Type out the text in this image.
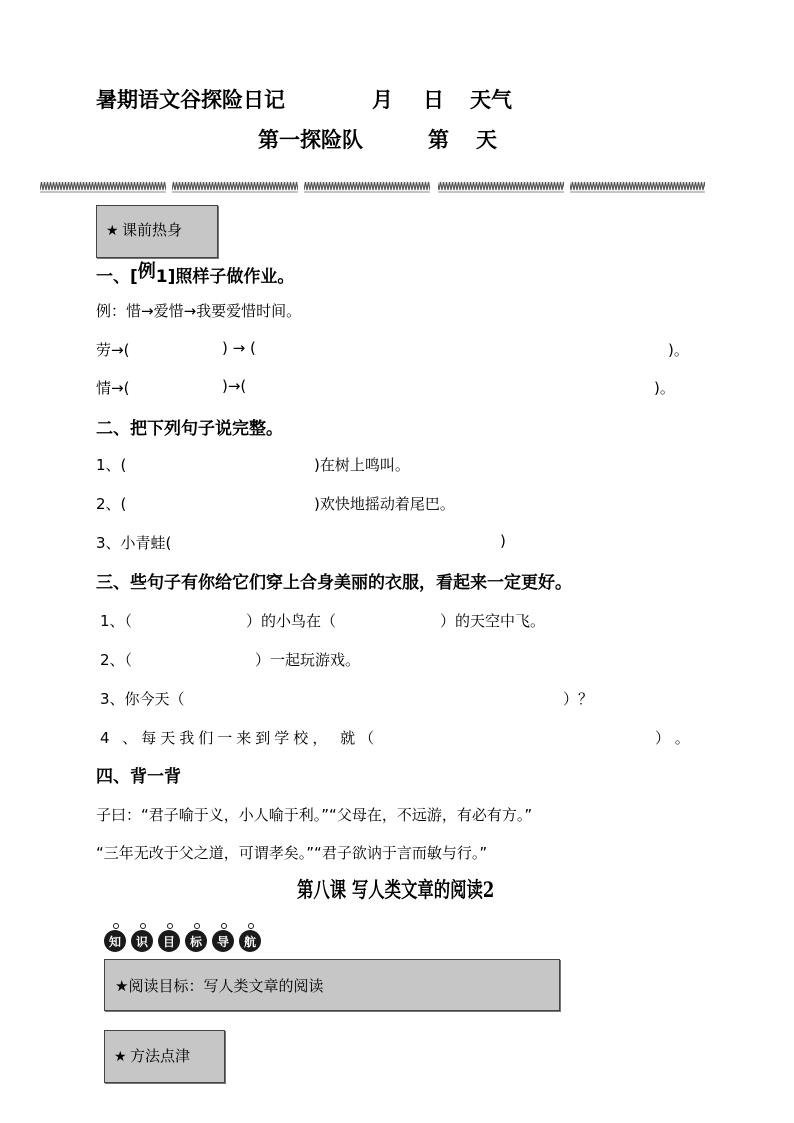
暑期语文谷探险日记	月 日 天气
第一探险队	第 天
★ 课前热身
一、[例1]照样子做作业。
例：惜→爱惜→我要爱惜时间。
劳→(	) → (	)。
情→(	)→(	)。
二、把下列句子说完整。
1、(	)在树上鸣叫。
2、(	)欢快地摇动着尾巴。
3、小青蛙(	)
三、些句子有你给它们穿上合身美丽的衣服，看起来一定更好。
1、（	）的小鸟在（	）的天空中飞。
2、（	）一起玩游戏。
3、你今天（	）？
4 、每天我们一来到学校， 就（	） 。
四、背一背
子曰：“君子喻于义，小人喻于利。”“父母在，不远游，有必有方。”
“三年无改于父之道，可谓孝矣。”“君子欲讷于言而敏与行。”
第八课 写人类文章的阅读2
知	识	目	标	导	航
★阅读目标：写人类文章的阅读
★ 方法点津
